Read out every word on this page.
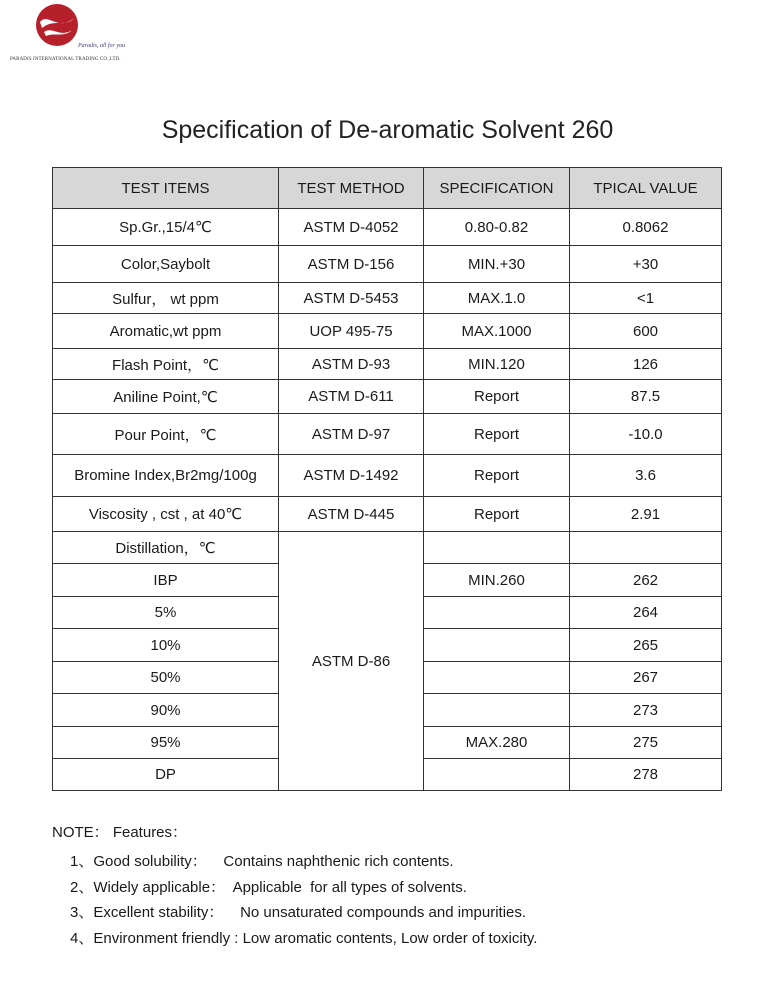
Paradis, all for you
PARADIS INTERNATIONAL TRADING CO.,LTD.
Specification of De-aromatic Solvent 260
TEST ITEMS	TEST METHOD	SPECIFICATION	TPICAL VALUE
Sp.Gr.,15/4℃	ASTM D-4052	0.80-0.82	0.8062
Color,Saybolt	ASTM D-156	MIN.+30	+30
Sulfur， wt ppm	ASTM D-5453	MAX.1.0	<1
Aromatic,wt ppm	UOP 495-75	MAX.1000	600
Flash Point，℃	ASTM D-93	MIN.120	126
Aniline Point,℃	ASTM D-611	Report	87.5
Pour Point，℃	ASTM D-97	Report	-10.0
Bromine Index,Br2mg/100g	ASTM D-1492	Report	3.6
Viscosity , cst , at 40℃	ASTM D-445	Report	2.91
Distillation，℃	ASTM D-86		
IBP		MIN.260	262
5%			264
10%			265
50%			267
90%			273
95%		MAX.280	275
DP			278
NOTE： Features：
1、Good solubility：    Contains naphthenic rich contents.
2、Widely applicable：  Applicable  for all types of solvents.
3、Excellent stability：    No unsaturated compounds and impurities.
4、Environment friendly : Low aromatic contents, Low order of toxicity.
